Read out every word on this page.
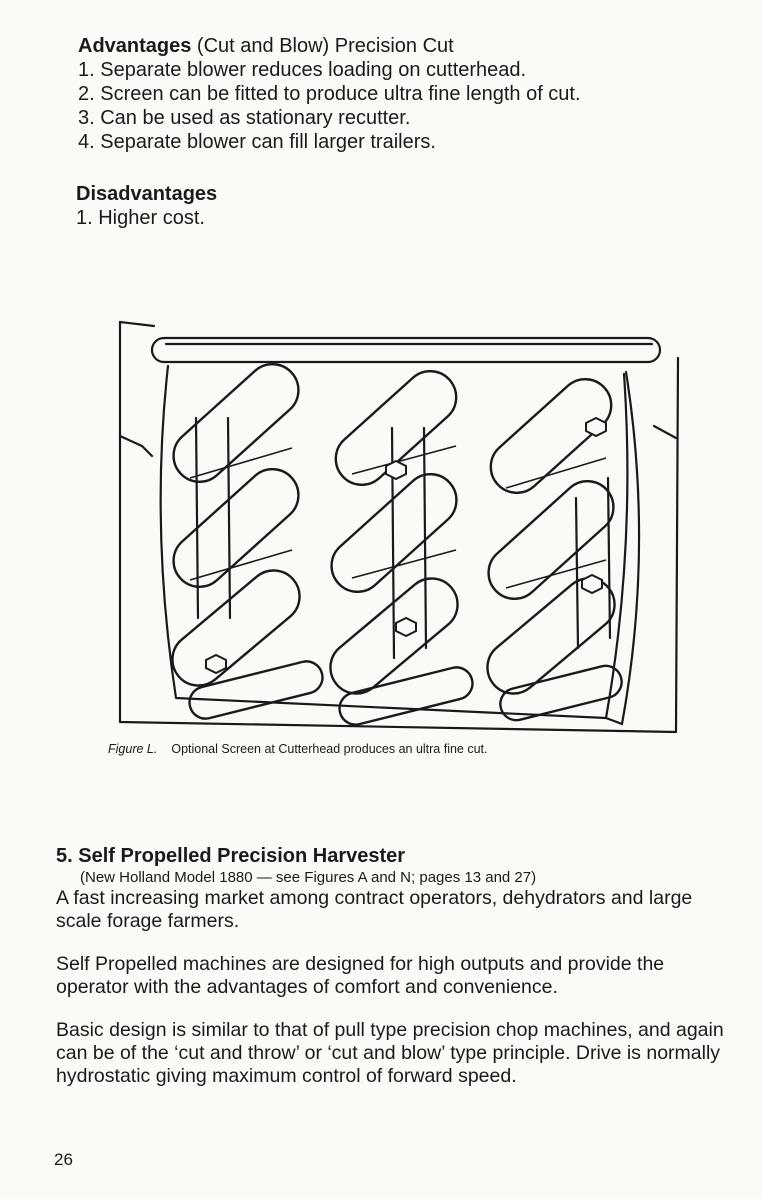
Advantages (Cut and Blow) Precision Cut
1. Separate blower reduces loading on cutterhead.
2. Screen can be fitted to produce ultra fine length of cut.
3. Can be used as stationary recutter.
4. Separate blower can fill larger trailers.
Disadvantages
1. Higher cost.
Figure L. Optional Screen at Cutterhead produces an ultra fine cut.
5. Self Propelled Precision Harvester
(New Holland Model 1880 — see Figures A and N; pages 13 and 27)
A fast increasing market among contract operators, dehydrators and large scale forage farmers.
Self Propelled machines are designed for high outputs and provide the operator with the advantages of comfort and convenience.
Basic design is similar to that of pull type precision chop machines, and again can be of the ‘cut and throw’ or ‘cut and blow’ type principle. Drive is normally hydrostatic giving maximum control of forward speed.
26
